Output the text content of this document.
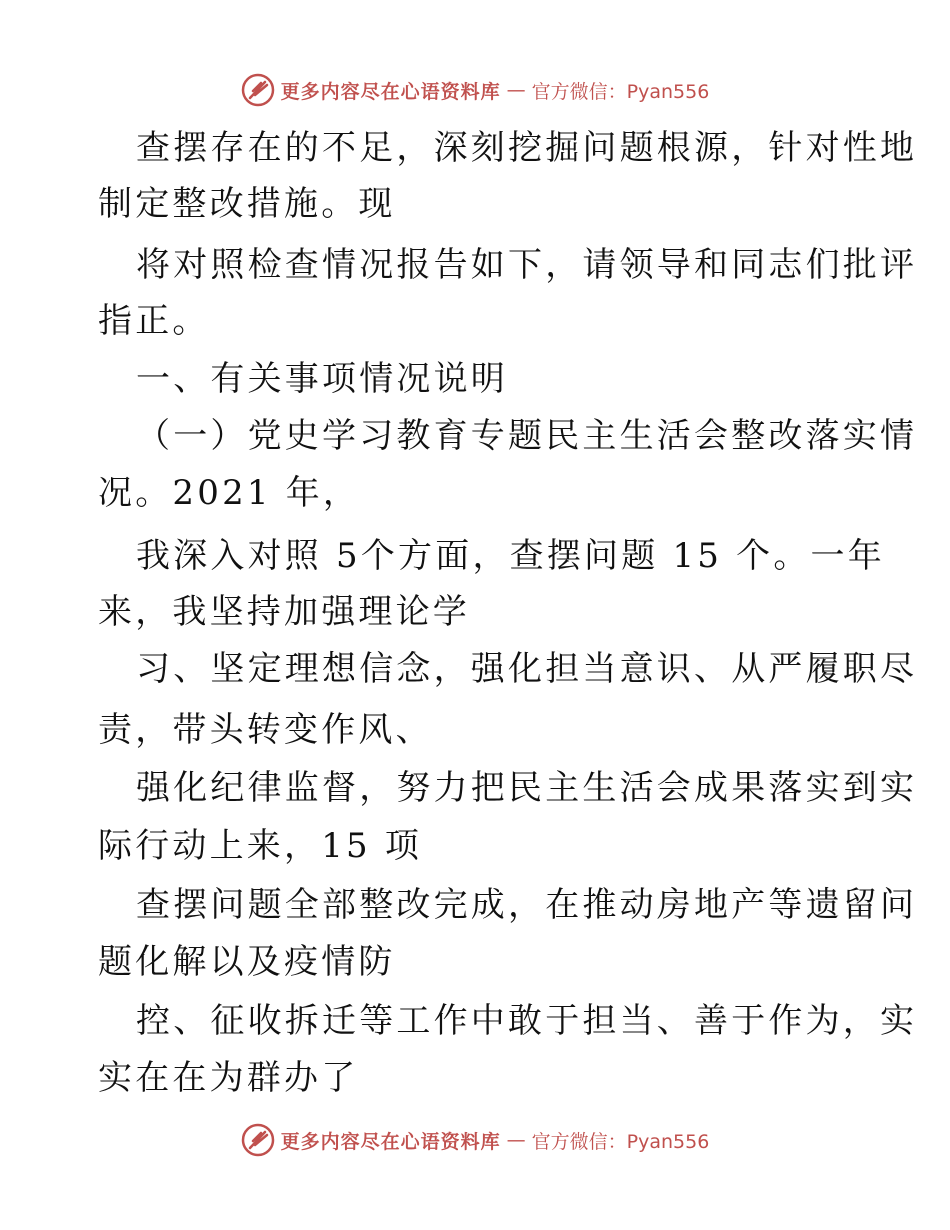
更多内容尽在心语资料库 — 官方微信：Pyan556
查摆存在的不足，深刻挖掘问题根源，针对性地
制定整改措施。现
将对照检查情况报告如下，请领导和同志们批评
指正。
一、有关事项情况说明
（一）党史学习教育专题民主生活会整改落实情
况。2021 年，
我深入对照 5个方面，查摆问题 15 个。一年
来，我坚持加强理论学
习、坚定理想信念，强化担当意识、从严履职尽
责，带头转变作风、
强化纪律监督，努力把民主生活会成果落实到实
际行动上来，15 项
查摆问题全部整改完成，在推动房地产等遗留问
题化解以及疫情防
控、征收拆迁等工作中敢于担当、善于作为，实
实在在为群办了
更多内容尽在心语资料库 — 官方微信：Pyan556
